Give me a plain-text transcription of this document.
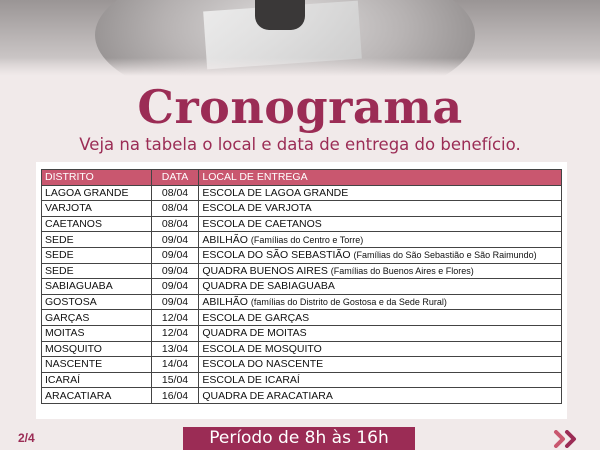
Cronograma

Veja na tabela o local e data de entrega do benefício.

DISTRITO	DATA	LOCAL DE ENTREGA
LAGOA GRANDE	08/04	ESCOLA DE LAGOA GRANDE
VARJOTA	08/04	ESCOLA DE VARJOTA
CAETANOS	08/04	ESCOLA DE CAETANOS
SEDE	09/04	ABILHÃO (Famílias do Centro e Torre)
SEDE	09/04	ESCOLA DO SÃO SEBASTIÃO (Famílias do São Sebastião e São Raimundo)
SEDE	09/04	QUADRA BUENOS AIRES (Famílias do Buenos Aires e Flores)
SABIAGUABA	09/04	QUADRA DE SABIAGUABA
GOSTOSA	09/04	ABILHÃO (famílias do Distrito de Gostosa e da Sede Rural)
GARÇAS	12/04	ESCOLA DE GARÇAS
MOITAS	12/04	QUADRA DE MOITAS
MOSQUITO	13/04	ESCOLA DE MOSQUITO
NASCENTE	14/04	ESCOLA DO NASCENTE
ICARAÍ	15/04	ESCOLA DE ICARAÍ
ARACATIARA	16/04	QUADRA DE ARACATIARA
2/4	Período de 8h às 16h
